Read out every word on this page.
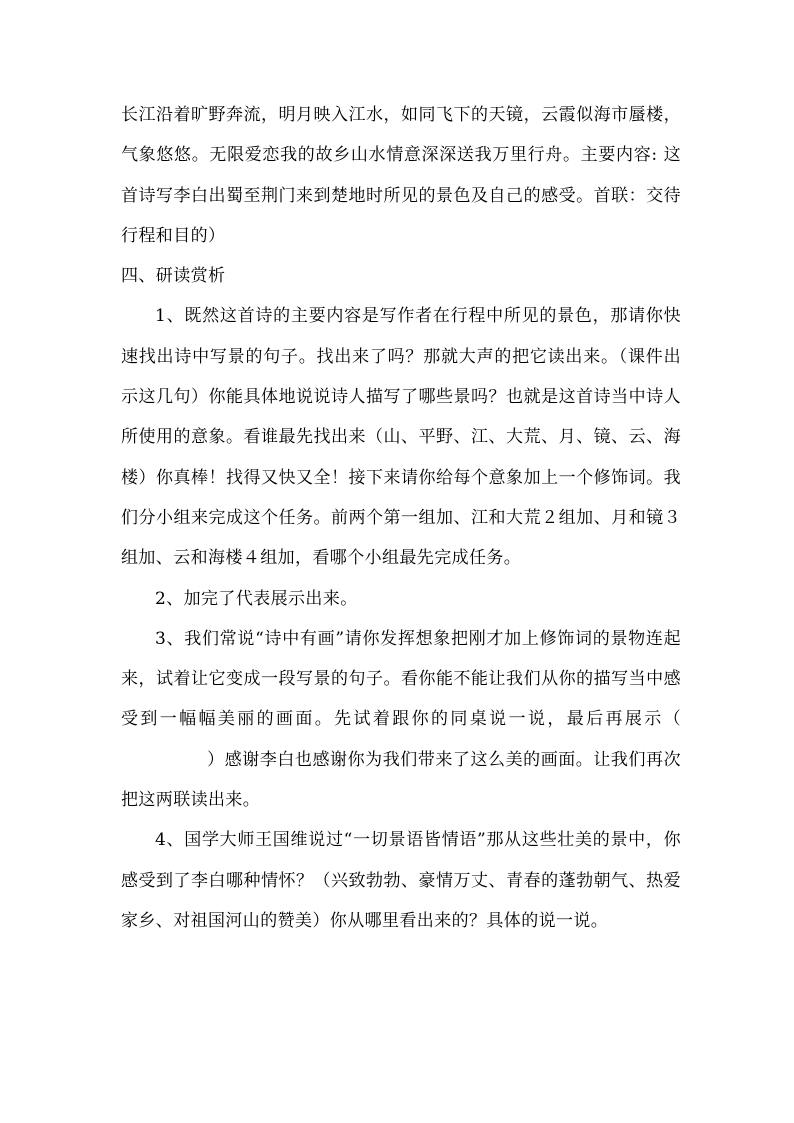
长江沿着旷野奔流，明月映入江水，如同飞下的天镜，云霞似海市蜃楼，气象悠悠。无限爱恋我的故乡山水情意深深送我万里行舟。主要内容: 这首诗写李白出蜀至荆门来到楚地时所见的景色及自己的感受。首联：交待行程和目的）

四、研读赏析

1、既然这首诗的主要内容是写作者在行程中所见的景色，那请你快速找出诗中写景的句子。找出来了吗？那就大声的把它读出来。（课件出示这几句）你能具体地说说诗人描写了哪些景吗？也就是这首诗当中诗人所使用的意象。看谁最先找出来（山、平野、江、大荒、月、镜、云、海楼）你真棒！找得又快又全！接下来请你给每个意象加上一个修饰词。我们分小组来完成这个任务。前两个第一组加、江和大荒２组加、月和镜３组加、云和海楼４组加，看哪个小组最先完成任务。

2、加完了代表展示出来。

3、我们常说“诗中有画”请你发挥想象把刚才加上修饰词的景物连起来，试着让它变成一段写景的句子。看你能不能让我们从你的描写当中感受到一幅幅美丽的画面。先试着跟你的同桌说一说，最后再展示（）感谢李白也感谢你为我们带来了这么美的画面。让我们再次把这两联读出来。

4、国学大师王国维说过“一切景语皆情语”那从这些壮美的景中，你感受到了李白哪种情怀？（兴致勃勃、豪情万丈、青春的蓬勃朝气、热爱家乡、对祖国河山的赞美）你从哪里看出来的？具体的说一说。
